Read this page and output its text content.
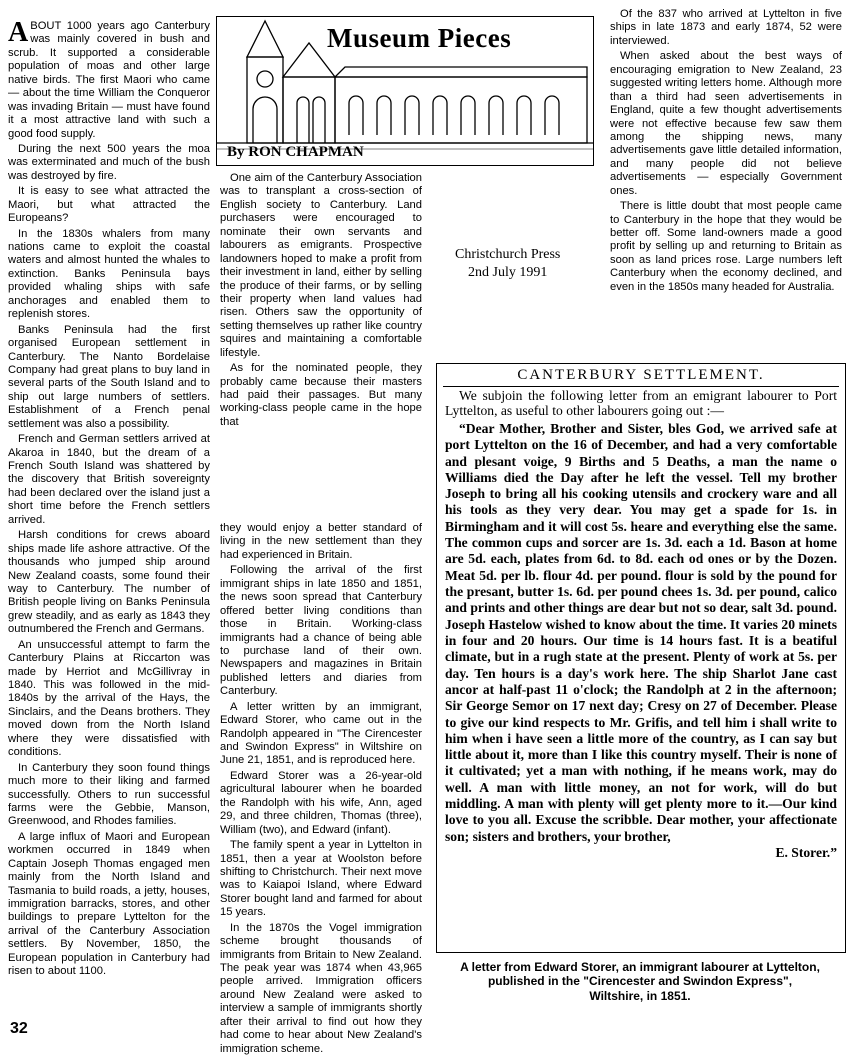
ABOUT 1000 years ago Canterbury was mainly covered in bush and scrub. It supported a considerable population of moas and other large native birds. The first Maori who came — about the time William the Conqueror was invading Britain — must have found it a most attractive land with such a good food supply.

During the next 500 years the moa was exterminated and much of the bush was destroyed by fire.

It is easy to see what attracted the Maori, but what attracted the Europeans?

In the 1830s whalers from many nations came to exploit the coastal waters and almost hunted the whales to extinction. Banks Peninsula bays provided whaling ships with safe anchorages and enabled them to replenish stores.

Banks Peninsula had the first organised European settlement in Canterbury. The Nanto Bordelaise Company had great plans to buy land in several parts of the South Island and to ship out large numbers of settlers. Establishment of a French penal settlement was also a possibility.

French and German settlers arrived at Akaroa in 1840, but the dream of a French South Island was shattered by the discovery that British sovereignty had been declared over the island just a short time before the French settlers arrived.

Harsh conditions for crews aboard ships made life ashore attractive. Of the thousands who jumped ship around New Zealand coasts, some found their way to Canterbury. The number of British people living on Banks Peninsula grew steadily, and as early as 1843 they outnumbered the French and Germans.

An unsuccessful attempt to farm the Canterbury Plains at Riccarton was made by Herriot and McGillivray in 1840. This was followed in the mid-1840s by the arrival of the Hays, the Sinclairs, and the Deans brothers. They moved down from the North Island where they were dissatisfied with conditions.

In Canterbury they soon found things much more to their liking and farmed successfully. Others to run successful farms were the Gebbie, Manson, Greenwood, and Rhodes families.

A large influx of Maori and European workmen occurred in 1849 when Captain Joseph Thomas engaged men mainly from the North Island and Tasmania to build roads, a jetty, houses, immigration barracks, stores, and other buildings to prepare Lyttelton for the arrival of the Canterbury Association settlers. By November, 1850, the European population in Canterbury had risen to about 1100.

Museum Pieces
By RON CHAPMAN

One aim of the Canterbury Association was to transplant a cross-section of English society to Canterbury. Land purchasers were encouraged to nominate their own servants and labourers as emigrants. Prospective landowners hoped to make a profit from their investment in land, either by selling the produce of their farms, or by selling their property when land values had risen. Others saw the opportunity of setting themselves up rather like country squires and maintaining a comfortable lifestyle.

As for the nominated people, they probably came because their masters had paid their passages. But many working-class people came in the hope that

they would enjoy a better standard of living in the new settlement than they had experienced in Britain.

Following the arrival of the first immigrant ships in late 1850 and 1851, the news soon spread that Canterbury offered better living conditions than those in Britain. Working-class immigrants had a chance of being able to purchase land of their own. Newspapers and magazines in Britain published letters and diaries from Canterbury.

A letter written by an immigrant, Edward Storer, who came out in the Randolph appeared in "The Cirencester and Swindon Express" in Wiltshire on June 21, 1851, and is reproduced here.

Edward Storer was a 26-year-old agricultural labourer when he boarded the Randolph with his wife, Ann, aged 29, and three children, Thomas (three), William (two), and Edward (infant).

The family spent a year in Lyttelton in 1851, then a year at Woolston before shifting to Christchurch. Their next move was to Kaiapoi Island, where Edward Storer bought land and farmed for about 15 years.

In the 1870s the Vogel immigration scheme brought thousands of immigrants from Britain to New Zealand. The peak year was 1874 when 43,965 people arrived. Immigration officers around New Zealand were asked to interview a sample of immigrants shortly after their arrival to find out how they had come to hear about New Zealand's immigration scheme.

Christchurch Press
2nd July 1991

Of the 837 who arrived at Lyttelton in five ships in late 1873 and early 1874, 52 were interviewed.

When asked about the best ways of encouraging emigration to New Zealand, 23 suggested writing letters home. Although more than a third had seen advertisements in England, quite a few thought advertisements were not effective because few saw them among the shipping news, many advertisements gave little detailed information, and many people did not believe advertisements — especially Government ones.

There is little doubt that most people came to Canterbury in the hope that they would be better off. Some land-owners made a good profit by selling up and returning to Britain as soon as land prices rose. Large numbers left Canterbury when the economy declined, and even in the 1850s many headed for Australia.

CANTERBURY SETTLEMENT.
We subjoin the following letter from an emigrant labourer to Port Lyttelton, as useful to other labourers going out :—
“Dear Mother, Brother and Sister, bles God, we arrived safe at port Lyttelton on the 16 of December, and had a very comfortable and plesant voige, 9 Births and 5 Deaths, a man the name o Williams died the Day after he left the vessel. Tell my brother Joseph to bring all his cooking utensils and crockery ware and all his tools as they very dear. You may get a spade for 1s. in Birmingham and it will cost 5s. heare and everything else the same. The common cups and sorcer are 1s. 3d. each a 1d. Bason at home are 5d. each, plates from 6d. to 8d. each od ones or by the Dozen. Meat 5d. per lb. flour 4d. per pound. flour is sold by the pound for the presant, butter 1s. 6d. per pound chees 1s. 3d. per pound, calico and prints and other things are dear but not so dear, salt 3d. pound. Joseph Hastelow wished to know about the time. It varies 20 minets in four and 20 hours. Our time is 14 hours fast. It is a beatiful climate, but in a rugh state at the present. Plenty of work at 5s. per day. Ten hours is a day's work here. The ship Sharlot Jane cast ancor at half-past 11 o'clock; the Randolph at 2 in the afternoon; Sir George Semor on 17 next day; Cresy on 27 of December. Please to give our kind respects to Mr. Grifis, and tell him i shall write to him when i have seen a little more of the country, as I can say but little about it, more than I like this country myself. Their is none of it cultivated; yet a man with nothing, if he means work, may do well. A man with little money, an not for work, will do but middling. A man with plenty will get plenty more to it.—Our kind love to you all. Excuse the scribble. Dear mother, your affectionate son; sisters and brothers, your brother,
E. Storer.”
A letter from Edward Storer, an immigrant labourer at Lyttelton, published in the "Cirencester and Swindon Express", Wiltshire, in 1851.
32
